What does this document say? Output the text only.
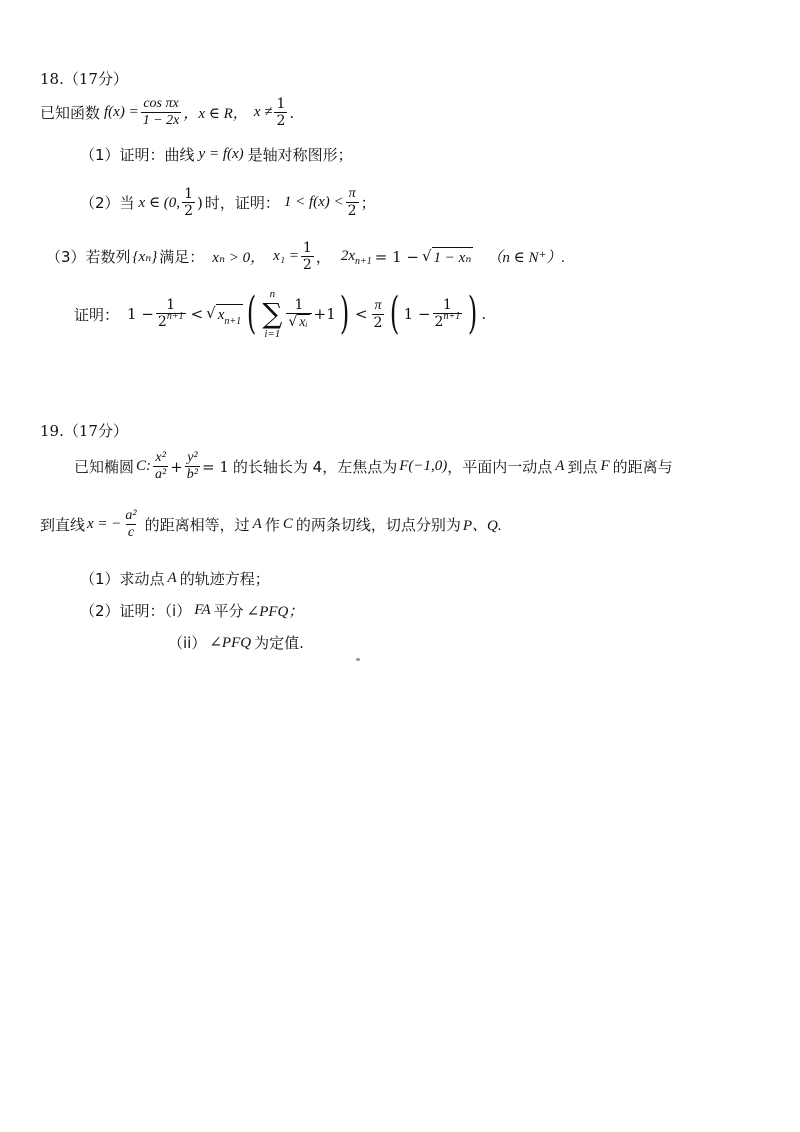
18.（17分）
已知函数 $f(x) = \frac{\text{cos πx}}{1 - 2x}$ ，x ∈ R， $x \ne \frac{1}{2}$ .
（1）证明：曲线 y = f(x) 是轴对称图形；
（2）当 x ∈ (0, $\frac{1}{2}$ ) 时，证明： $1 < f(x) < \frac{\pi}{2}$ ；
（3）若数列 {xₙ} 满足： xₙ > 0， $x_1 = \frac{1}{2}$ ， 2x n+1 = 1 − √ 1 − xₙ （n ∈ N⁺）.
证明： $1 - \frac{1}{2^{n+1}}$ < √ $x_{n+1}$ ( n
∑
i=1
$\frac{1}{\text{√ xᵢ}} +1$ ) < $\frac{\pi}{2}$ ( $1 - \frac{1}{2^{n+1}}$ ) .
19.（17分）
已知椭圆 C: $\frac{\text{x²}}{\text{a²}} + \frac{\text{y²}}{\text{b²}} = 1$ 的长轴长为 4，左焦点为 F(−1,0) ，平面内一动点 A 到点 F 的距离与
到直线 x = − $\frac{\text{a²}}{c}$ 的距离相等，过 A 作 C 的两条切线，切点分别为 P、Q.
（1）求动点 A 的轨迹方程；
（2）证明：（i） FA 平分 ∠PFQ；
（ii） ∠PFQ 为定值.
